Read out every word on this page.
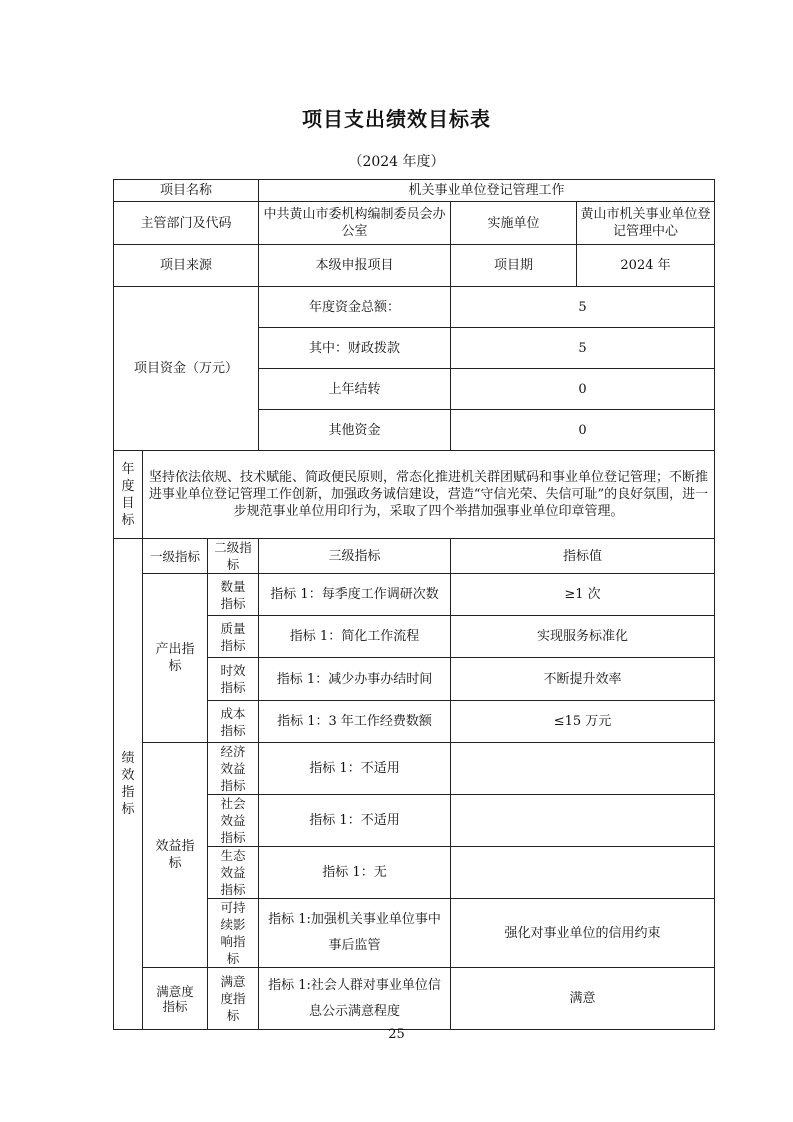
项目支出绩效目标表
（2024 年度）
项目名称			机关事业单位登记管理工作		
主管部门及代码			中共黄山市委机构编制委员会办公室	实施单位	黄山市机关事业单位登记管理中心
项目来源			本级申报项目	项目期	2024 年
项目资金（万元）			年度资金总额：	5	
			其中：财政拨款	5	
			上年结转	0	
			其他资金	0	
年度目标	坚持依法依规、技术赋能、简政便民原则，常态化推进机关群团赋码和事业单位登记管理；不断推进事业单位登记管理工作创新，加强政务诚信建设，营造“守信光荣、失信可耻”的良好氛围，进一步规范事业单位用印行为，采取了四个举措加强事业单位印章管理。				
绩效指标	一级指标	二级指标	三级指标	指标值	
	产出指标	数量指标	指标 1：每季度工作调研次数	≥1 次	
		质量指标	指标 1：简化工作流程	实现服务标准化	
		时效指标	指标 1：减少办事办结时间	不断提升效率	
		成本指标	指标 1：3 年工作经费数额	≤15 万元	
	效益指标	经济效益指标	指标 1：不适用		
		社会效益指标	指标 1：不适用		
		生态效益指标	指标 1：无		
		可持续影响指标	指标 1:加强机关事业单位事中事后监管	强化对事业单位的信用约束	
	满意度指标	满意度指标	指标 1:社会人群对事业单位信息公示满意程度	满意	
25
